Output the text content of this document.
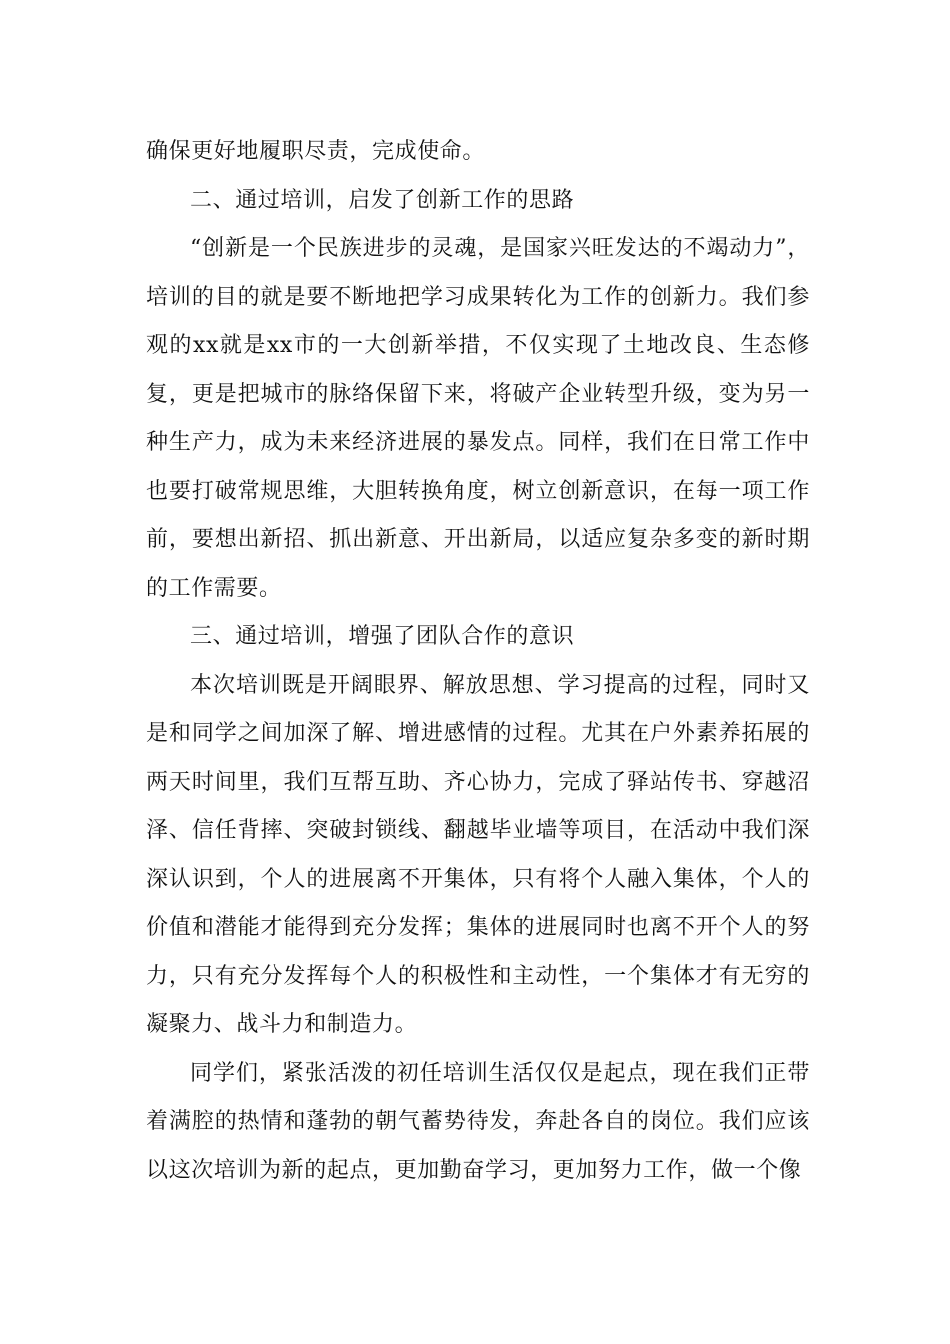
确保更好地履职尽责，完成使命。

二、通过培训，启发了创新工作的思路

“创新是一个民族进步的灵魂，是国家兴旺发达的不竭动力”，培训的目的就是要不断地把学习成果转化为工作的创新力。我们参观的xx就是xx市的一大创新举措，不仅实现了土地改良、生态修复，更是把城市的脉络保留下来，将破产企业转型升级，变为另一种生产力，成为未来经济进展的暴发点。同样，我们在日常工作中也要打破常规思维，大胆转换角度，树立创新意识，在每一项工作前，要想出新招、抓出新意、开出新局，以适应复杂多变的新时期的工作需要。

三、通过培训，增强了团队合作的意识

本次培训既是开阔眼界、解放思想、学习提高的过程，同时又是和同学之间加深了解、增进感情的过程。尤其在户外素养拓展的两天时间里，我们互帮互助、齐心协力，完成了驿站传书、穿越沼泽、信任背摔、突破封锁线、翻越毕业墙等项目，在活动中我们深深认识到，个人的进展离不开集体，只有将个人融入集体，个人的价值和潜能才能得到充分发挥；集体的进展同时也离不开个人的努力，只有充分发挥每个人的积极性和主动性，一个集体才有无穷的凝聚力、战斗力和制造力。

同学们，紧张活泼的初任培训生活仅仅是起点，现在我们正带着满腔的热情和蓬勃的朝气蓄势待发，奔赴各自的岗位。我们应该以这次培训为新的起点，更加勤奋学习，更加努力工作，做一个像
